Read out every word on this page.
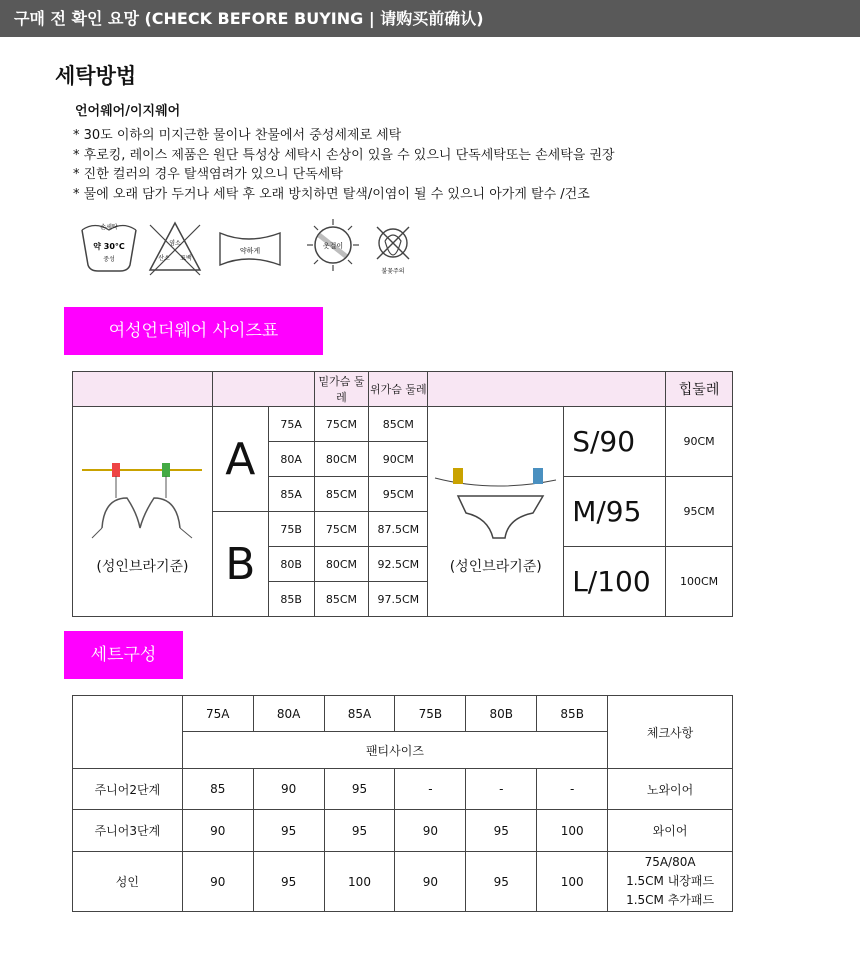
구매 전 확인 요망 (CHECK BEFORE BUYING | 请购买前确认)
세탁방법
언어웨어/이지웨어
* 30도 이하의 미지근한 물이나 찬물에서 중성세제로 세탁
* 후로킹, 레이스 제품은 원단 특성상 세탁시 손상이 있을 수 있으니 단독세탁또는 손세탁을 권장
* 진한 컬러의 경우 탈색염려가 있으니 단독세탁
* 물에 오래 담가 두거나 세탁 후 오래 방치하면 탈색/이염이 될 수 있으니 아가게 탈수 /건조
손세탁
약 30°C
중성
염소
산소 표백
약하게
옷걸이
불꽃주의
여성언더웨어 사이즈표
			밑가슴 둘레	위가슴 둘레			힙둘레

(성인브라기준)	A	75A	75CM	85CM	(성인브라기준)	S/90	90CM
		80A	80CM	90CM			
		85A	85CM	95CM		M/95	95CM
	B	75B	75CM	87.5CM			
		80B	80CM	92.5CM		L/100	100CM
		85B	85CM	97.5CM			
세트구성
	75A	80A	85A	75B	80B	85B	체크사항
	팬티사이즈						
주니어2단계	85	90	95	-	-	-	노와이어
주니어3단계	90	95	95	90	95	100	와이어
성인	90	95	100	90	95	100	75A/80A
1.5CM 내장패드
1.5CM 추가패드
